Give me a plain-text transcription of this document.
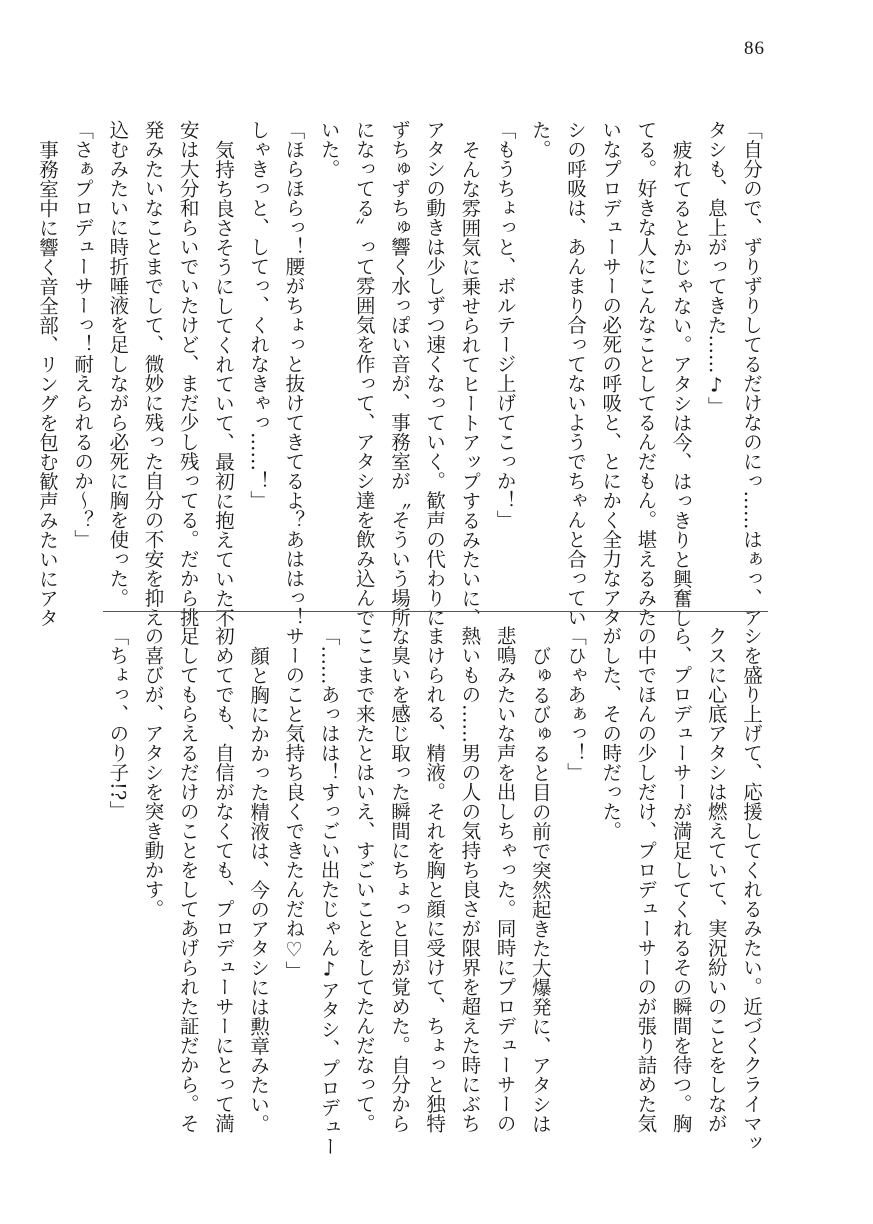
86
「自分ので、ずりずりしてるだけなのにっ……はぁっ、ア
タシも、息上がってきた……♪」
疲れてるとかじゃない。アタシは今、はっきりと興奮し
てる。好きな人にこんなことしてるんだもん。堪えるみた
いなプロデューサーの必死の呼吸と、とにかく全力なアタ
シの呼吸は、あんまり合ってないようでちゃんと合ってい
た。
「もうちょっと、ボルテージ上げてこっか！」
そんな雰囲気に乗せられてヒートアップするみたいに、
アタシの動きは少しずつ速くなっていく。歓声の代わりに
ずちゅずちゅ響く水っぽい音が、事務室が〝そういう場所
になってる〟って雰囲気を作って、アタシ達を飲み込んで
いた。
「ほらほらっ！腰がちょっと抜けてきてるよ？あははっ！
しゃきっと、してっ、くれなきゃっ……！」
気持ち良さそうにしてくれていて、最初に抱えていた不
安は大分和らいでいたけど、まだ少し残ってる。だから挑
発みたいなことまでして、微妙に残った自分の不安を抑え
込むみたいに時折唾液を足しながら必死に胸を使った。
「さぁプロデューサーっ！耐えられるのか～？」
事務室中に響く音全部、リングを包む歓声みたいにアタ
シを盛り上げて、応援してくれるみたい。近づくクライマッ
クスに心底アタシは燃えていて、実況紛いのことをしなが
ら、プロデューサーが満足してくれるその瞬間を待つ。胸
の中でほんの少しだけ、プロデューサーのが張り詰めた気
がした、その時だった。
「ひゃあぁっ！」
びゅるびゅると目の前で突然起きた大爆発に、アタシは
悲鳴みたいな声を出しちゃった。同時にプロデューサーの
熱いもの……男の人の気持ち良さが限界を超えた時にぶち
まけられる、精液。それを胸と顔に受けて、ちょっと独特
な臭いを感じ取った瞬間にちょっと目が覚めた。自分から
ここまで来たとはいえ、すごいことをしてたんだなって。
「……あっはは！すっごい出たじゃん♪アタシ、プロデュー
サーのこと気持ち良くできたんだね♡」
顔と胸にかかった精液は、今のアタシには勲章みたい。
初めてでも、自信がなくても、プロデューサーにとって満
足してもらえるだけのことをしてあげられた証だから。そ
の喜びが、アタシを突き動かす。
「ちょっ、のり子!?」
